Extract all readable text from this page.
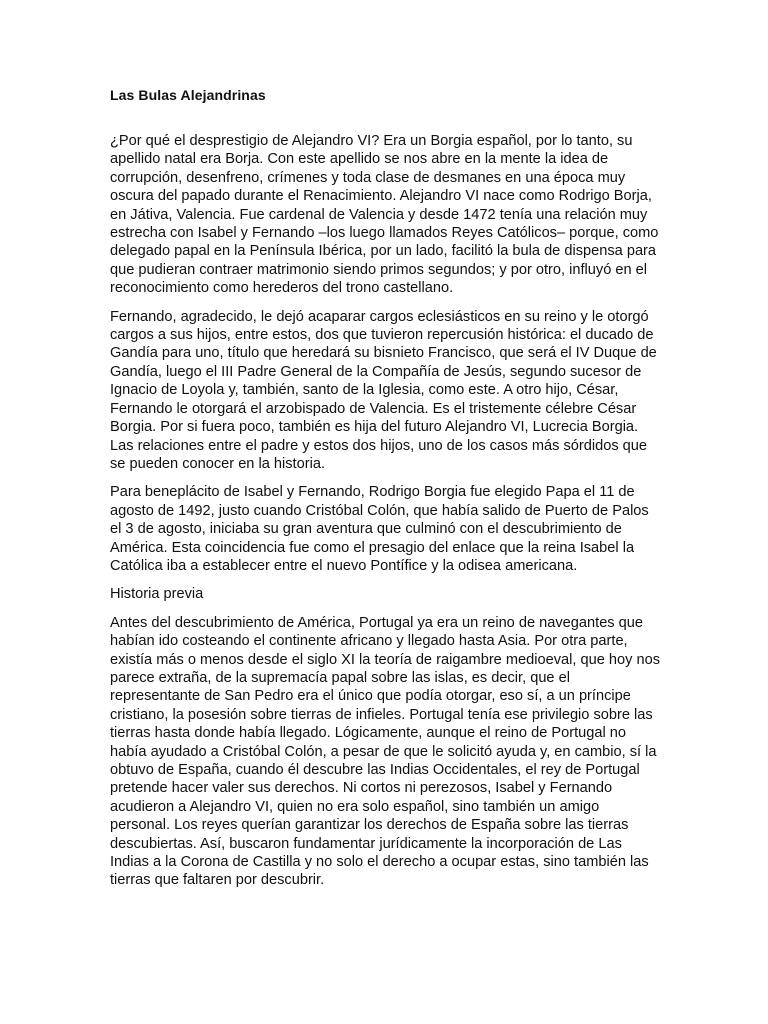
Las Bulas Alejandrinas

¿Por qué el desprestigio de Alejandro VI? Era un Borgia español, por lo tanto, su apellido natal era Borja. Con este apellido se nos abre en la mente la idea de corrupción, desenfreno, crímenes y toda clase de desmanes en una época muy oscura del papado durante el Renacimiento. Alejandro VI nace como Rodrigo Borja, en Játiva, Valencia. Fue cardenal de Valencia y desde 1472 tenía una relación muy estrecha con Isabel y Fernando –los luego llamados Reyes Católicos– porque, como delegado papal en la Península Ibérica, por un lado, facilitó la bula de dispensa para que pudieran contraer matrimonio siendo primos segundos; y por otro, influyó en el reconocimiento como herederos del trono castellano.

Fernando, agradecido, le dejó acaparar cargos eclesiásticos en su reino y le otorgó cargos a sus hijos, entre estos, dos que tuvieron repercusión histórica: el ducado de Gandía para uno, título que heredará su bisnieto Francisco, que será el IV Duque de Gandía, luego el III Padre General de la Compañía de Jesús, segundo sucesor de Ignacio de Loyola y, también, santo de la Iglesia, como este. A otro hijo, César, Fernando le otorgará el arzobispado de Valencia. Es el tristemente célebre César Borgia. Por si fuera poco, también es hija del futuro Alejandro VI, Lucrecia Borgia. Las relaciones entre el padre y estos dos hijos, uno de los casos más sórdidos que se pueden conocer en la historia.

Para beneplácito de Isabel y Fernando, Rodrigo Borgia fue elegido Papa el 11 de agosto de 1492, justo cuando Cristóbal Colón, que había salido de Puerto de Palos el 3 de agosto, iniciaba su gran aventura que culminó con el descubrimiento de América. Esta coincidencia fue como el presagio del enlace que la reina Isabel la Católica iba a establecer entre el nuevo Pontífice y la odisea americana.

Historia previa

Antes del descubrimiento de América, Portugal ya era un reino de navegantes que habían ido costeando el continente africano y llegado hasta Asia. Por otra parte, existía más o menos desde el siglo XI la teoría de raigambre medioeval, que hoy nos parece extraña, de la supremacía papal sobre las islas, es decir, que el representante de San Pedro era el único que podía otorgar, eso sí, a un príncipe cristiano, la posesión sobre tierras de infieles. Portugal tenía ese privilegio sobre las tierras hasta donde había llegado. Lógicamente, aunque el reino de Portugal no había ayudado a Cristóbal Colón, a pesar de que le solicitó ayuda y, en cambio, sí la obtuvo de España, cuando él descubre las Indias Occidentales, el rey de Portugal pretende hacer valer sus derechos. Ni cortos ni perezosos, Isabel y Fernando acudieron a Alejandro VI, quien no era solo español, sino también un amigo personal. Los reyes querían garantizar los derechos de España sobre las tierras descubiertas. Así, buscaron fundamentar jurídicamente la incorporación de Las Indias a la Corona de Castilla y no solo el derecho a ocupar estas, sino también las tierras que faltaren por descubrir.
